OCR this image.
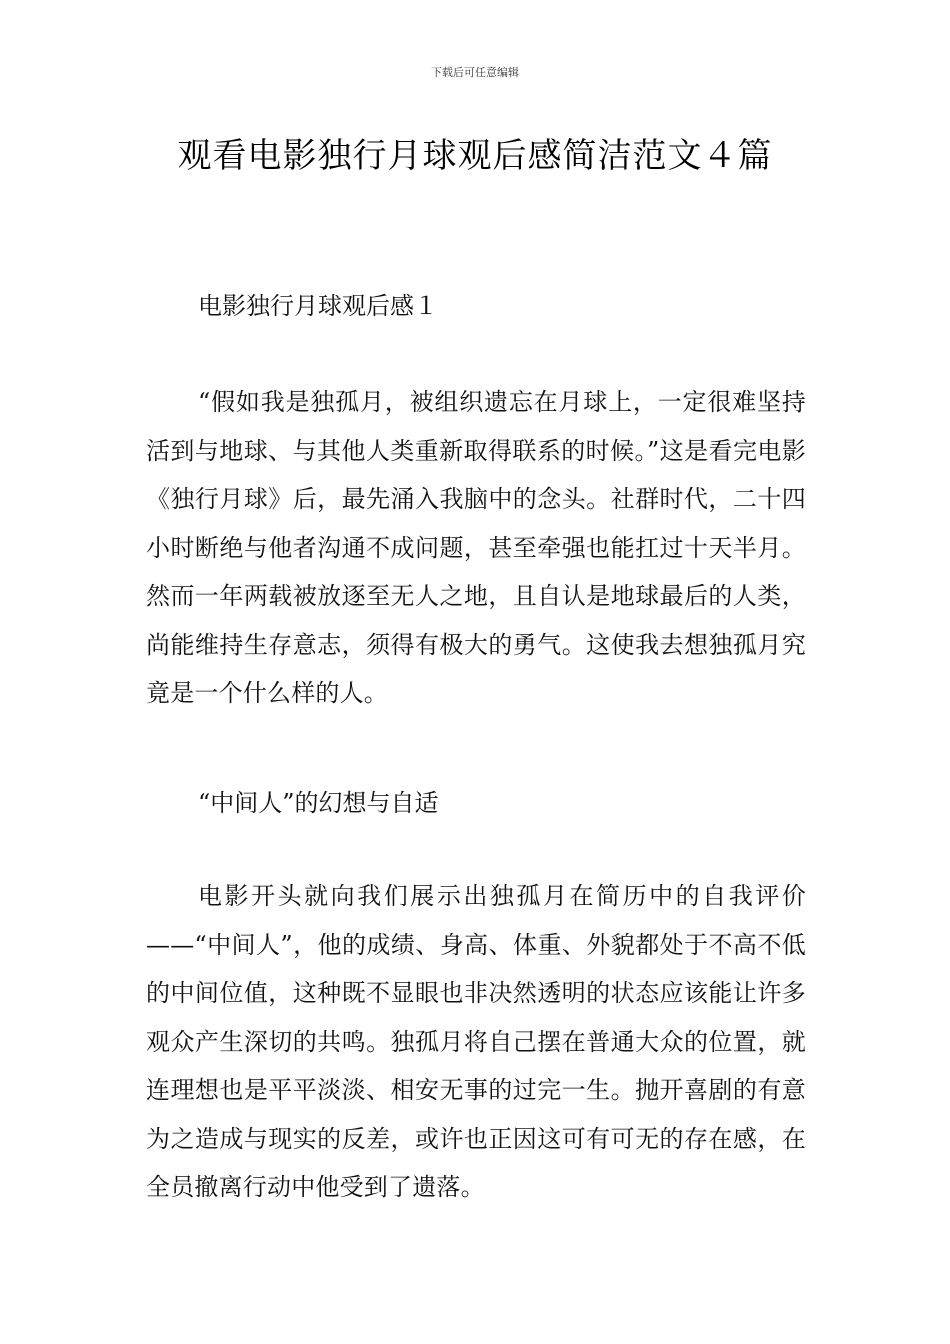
下载后可任意编辑
观看电影独行月球观后感简洁范文４篇
电影独行月球观后感１

“假如我是独孤月，被组织遗忘在月球上，一定很难坚持活到与地球、与其他人类重新取得联系的时候。”这是看完电影《独行月球》后，最先涌入我脑中的念头。社群时代，二十四小时断绝与他者沟通不成问题，甚至牵强也能扛过十天半月。然而一年两载被放逐至无人之地，且自认是地球最后的人类，尚能维持生存意志，须得有极大的勇气。这使我去想独孤月究竟是一个什么样的人。

“中间人”的幻想与自适

电影开头就向我们展示出独孤月在简历中的自我评价——“中间人”，他的成绩、身高、体重、外貌都处于不高不低的中间位值，这种既不显眼也非决然透明的状态应该能让许多观众产生深切的共鸣。独孤月将自己摆在普通大众的位置，就连理想也是平平淡淡、相安无事的过完一生。抛开喜剧的有意为之造成与现实的反差，或许也正因这可有可无的存在感，在全员撤离行动中他受到了遗落。
